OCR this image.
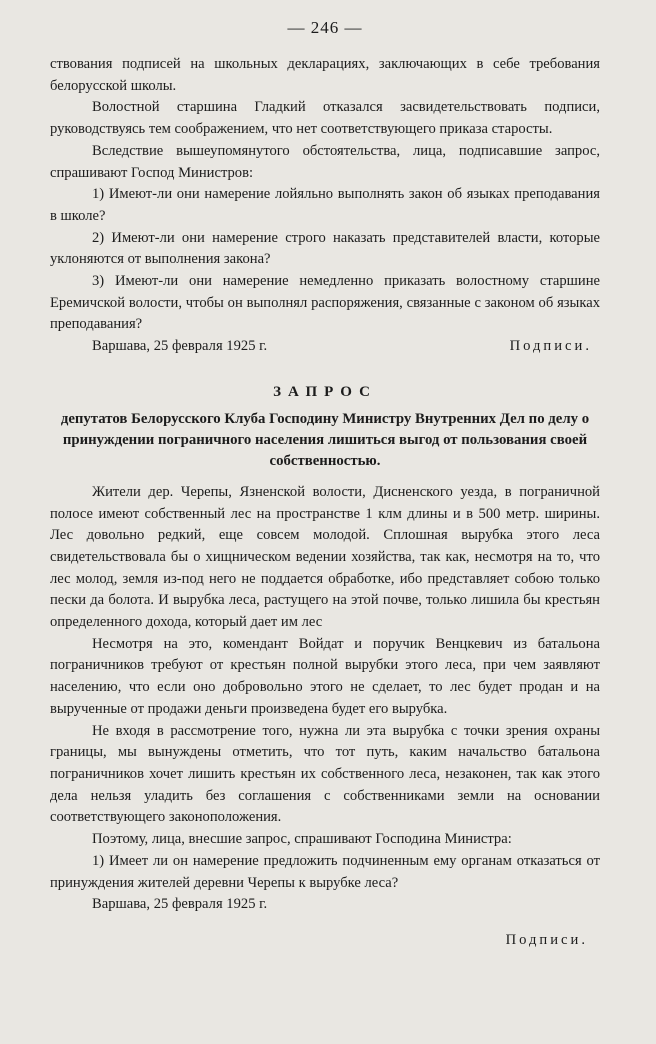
— 246 —

ствования подписей на школьных декларациях, заключающих в себе требования белорусской школы.

Волостной старшина Гладкий отказался засвидетельствовать подписи, руководствуясь тем соображением, что нет соответствующего приказа старосты.

Вследствие вышеупомянутого обстоятельства, лица, подписавшие запрос, спрашивают Господ Министров:

1) Имеют-ли они намерение лойяльно выполнять закон об языках преподавания в школе?

2) Имеют-ли они намерение строго наказать представителей власти, которые уклоняются от выполнения закона?

3) Имеют-ли они намерение немедленно приказать волостному старшине Еремичской волости, чтобы он выполнял распоряжения, связанные с законом об языках преподавания?

Варшава, 25 февраля 1925 г.	Подписи.
ЗАПРОС
депутатов Белорусского Клуба Господину Министру Внутренних Дел по делу о принуждении пограничного населения лишиться выгод от пользования своей собственностью.

Жители дер. Черепы, Язненской волости, Дисненского уезда, в пограничной полосе имеют собственный лес на пространстве 1 клм длины и в 500 метр. ширины. Лес довольно редкий, еще совсем молодой. Сплошная вырубка этого леса свидетельствовала бы о хищническом ведении хозяйства, так как, несмотря на то, что лес молод, земля из-под него не поддается обработке, ибо представляет собою только пески да болота. И вырубка леса, растущего на этой почве, только лишила бы крестьян определенного дохода, который дает им лес

Несмотря на это, комендант Войдат и поручик Венцкевич из батальона пограничников требуют от крестьян полной вырубки этого леса, при чем заявляют населению, что если оно добровольно этого не сделает, то лес будет продан и на вырученные от продажи деньги произведена будет его вырубка.

Не входя в рассмотрение того, нужна ли эта вырубка с точки зрения охраны границы, мы вынуждены отметить, что тот путь, каким начальство батальона пограничников хочет лишить крестьян их собственного леса, незаконен, так как этого дела нельзя уладить без соглашения с собственниками земли на основании соответствующего законоположения.

Поэтому, лица, внесшие запрос, спрашивают Господина Министра:

1) Имеет ли он намерение предложить подчиненным ему органам отказаться от принуждения жителей деревни Черепы к вырубке леса?

Варшава, 25 февраля 1925 г.
Подписи.
